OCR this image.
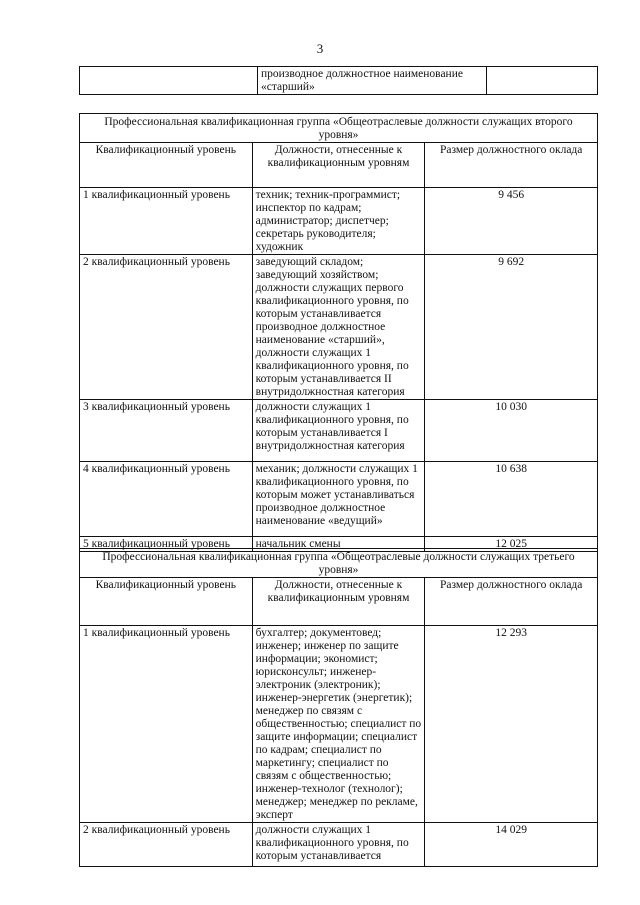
3
	производное должностное наименование «старший»	
Профессиональная квалификационная группа «Общеотраслевые должности служащих второго уровня»		
Квалификационный уровень	Должности, отнесенные к квалификационным уровням	Размер должностного оклада
1 квалификационный уровень	техник; техник-программист; инспектор по кадрам; администратор; диспетчер; секретарь руководителя; художник	9 456
2 квалификационный уровень	заведующий складом; заведующий хозяйством; должности служащих первого квалификационного уровня, по которым устанавливается производное должностное наименование «старший», должности служащих 1 квалификационного уровня, по которым устанавливается II внутридолжностная категория	9 692
3 квалификационный уровень	должности служащих 1 квалификационного уровня, по которым устанавливается I внутридолжностная категория	10 030
4 квалификационный уровень	механик; должности служащих 1 квалификационного уровня, по которым может устанавливаться производное должностное наименование «ведущий»	10 638
5 квалификационный уровень	начальник смены	12 025
Профессиональная квалификационная группа «Общеотраслевые должности служащих третьего уровня»		
Квалификационный уровень	Должности, отнесенные к квалификационным уровням	Размер должностного оклада
1 квалификационный уровень	бухгалтер; документовед; инженер; инженер по защите информации; экономист; юрисконсульт; инженер-электроник (электроник); инженер-энергетик (энергетик); менеджер по связям с общественностью; специалист по защите информации; специалист по кадрам; специалист по маркетингу; специалист по связям с общественностью; инженер-технолог (технолог); менеджер; менеджер по рекламе, эксперт	12 293
2 квалификационный уровень	должности служащих 1 квалификационного уровня, по которым устанавливается	14 029
